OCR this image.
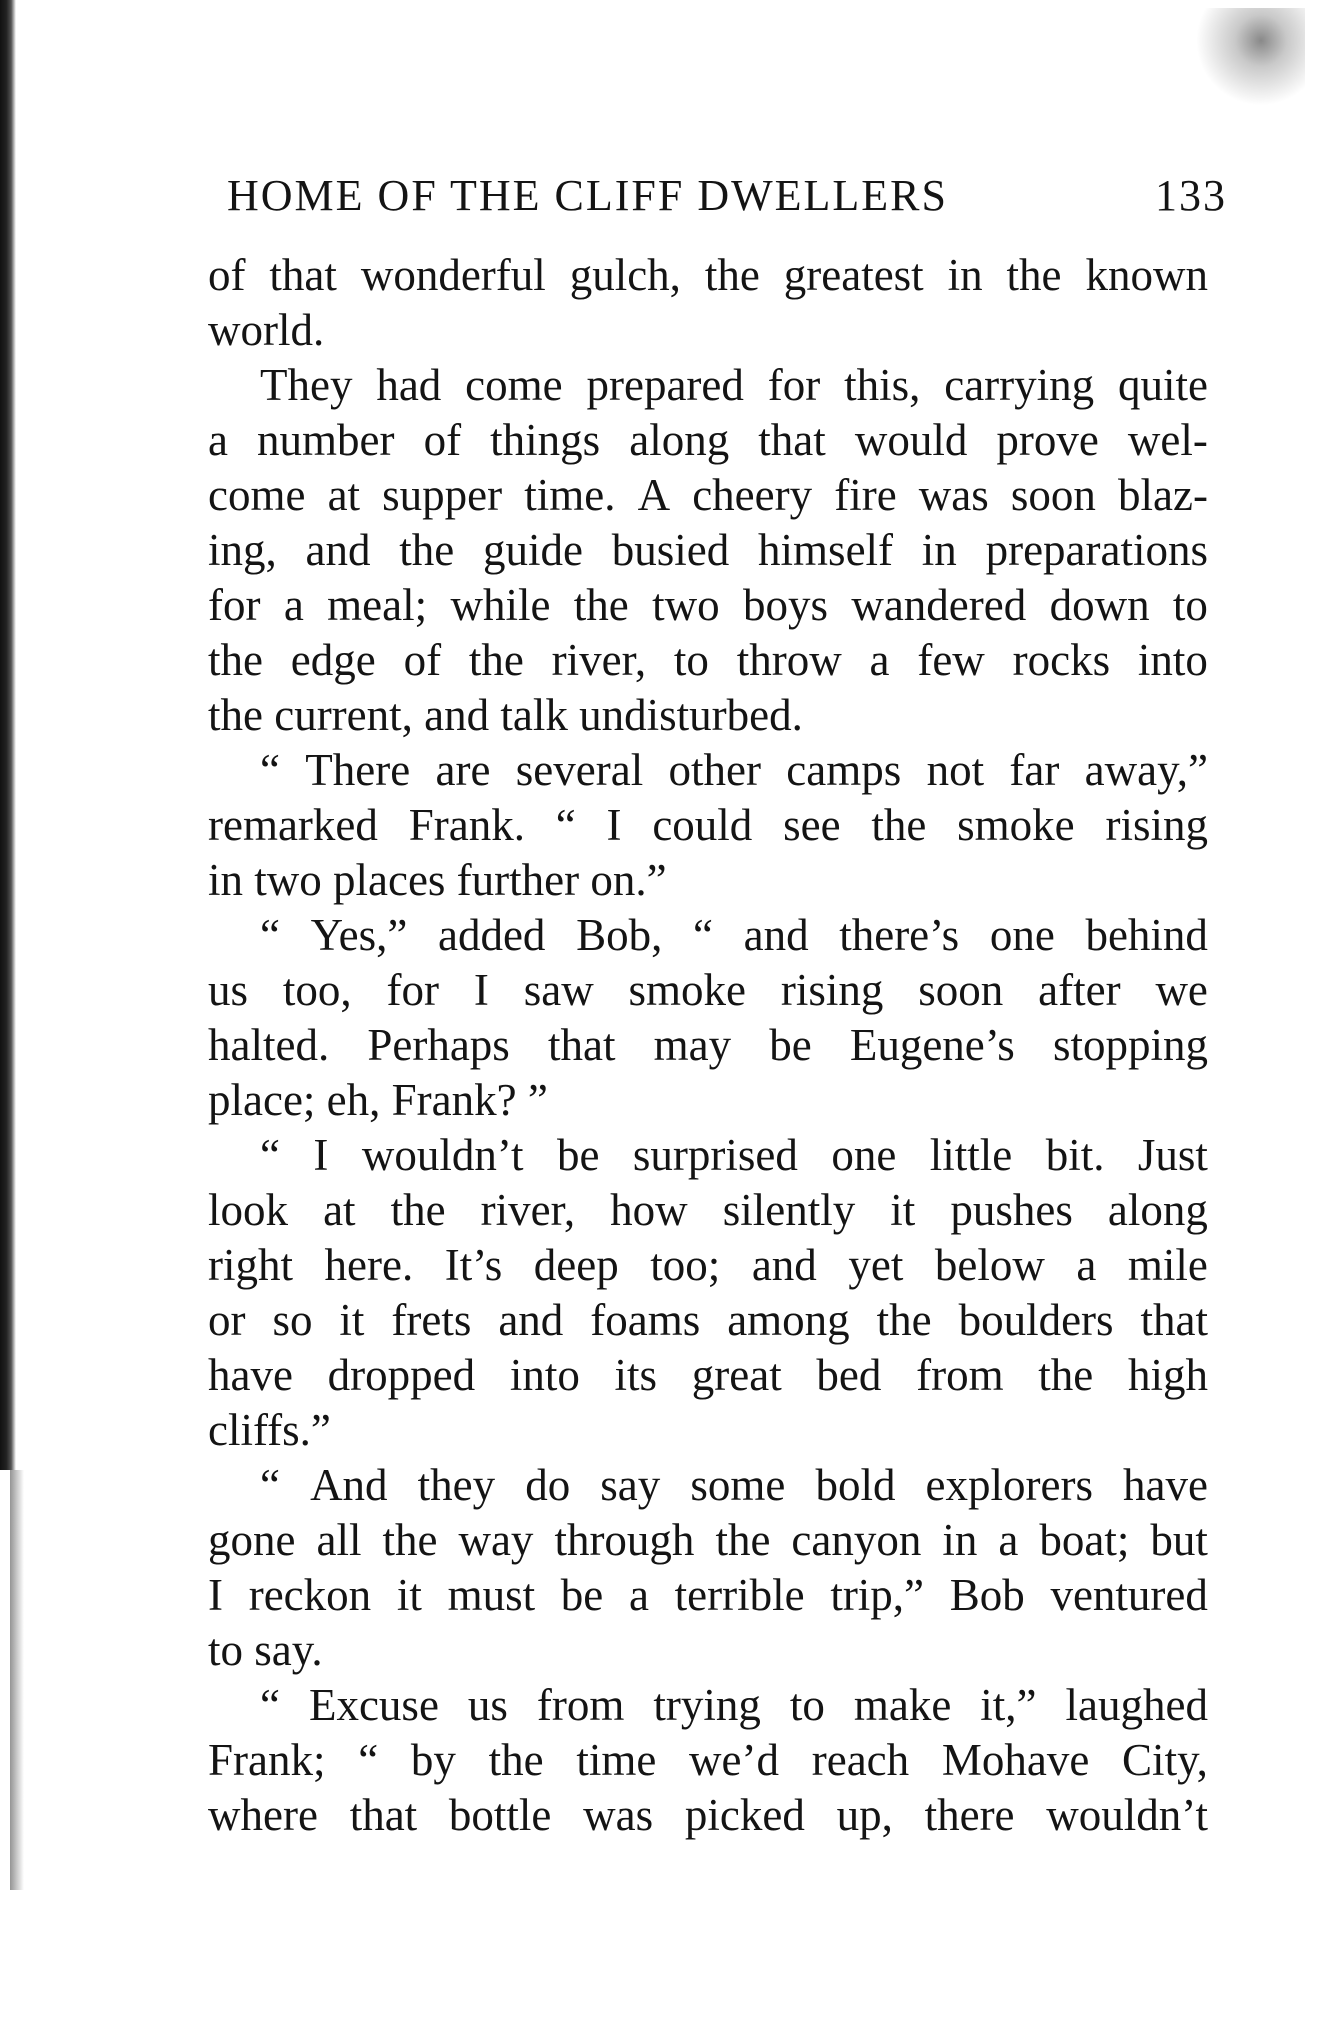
HOME OF THE CLIFF DWELLERS	133
of that wonderful gulch, the greatest in the known
world.
They had come prepared for this, carrying quite
a number of things along that would prove wel-
come at supper time. A cheery fire was soon blaz-
ing, and the guide busied himself in preparations
for a meal; while the two boys wandered down to
the edge of the river, to throw a few rocks into
the current, and talk undisturbed.
“ There are several other camps not far away,”
remarked Frank. “ I could see the smoke rising
in two places further on.”
“ Yes,” added Bob, “ and there’s one behind
us too, for I saw smoke rising soon after we
halted. Perhaps that may be Eugene’s stopping
place; eh, Frank? ”
“ I wouldn’t be surprised one little bit. Just
look at the river, how silently it pushes along
right here. It’s deep too; and yet below a mile
or so it frets and foams among the boulders that
have dropped into its great bed from the high
cliffs.”
“ And they do say some bold explorers have
gone all the way through the canyon in a boat; but
I reckon it must be a terrible trip,” Bob ventured
to say.
“ Excuse us from trying to make it,” laughed
Frank; “ by the time we’d reach Mohave City,
where that bottle was picked up, there wouldn’t
